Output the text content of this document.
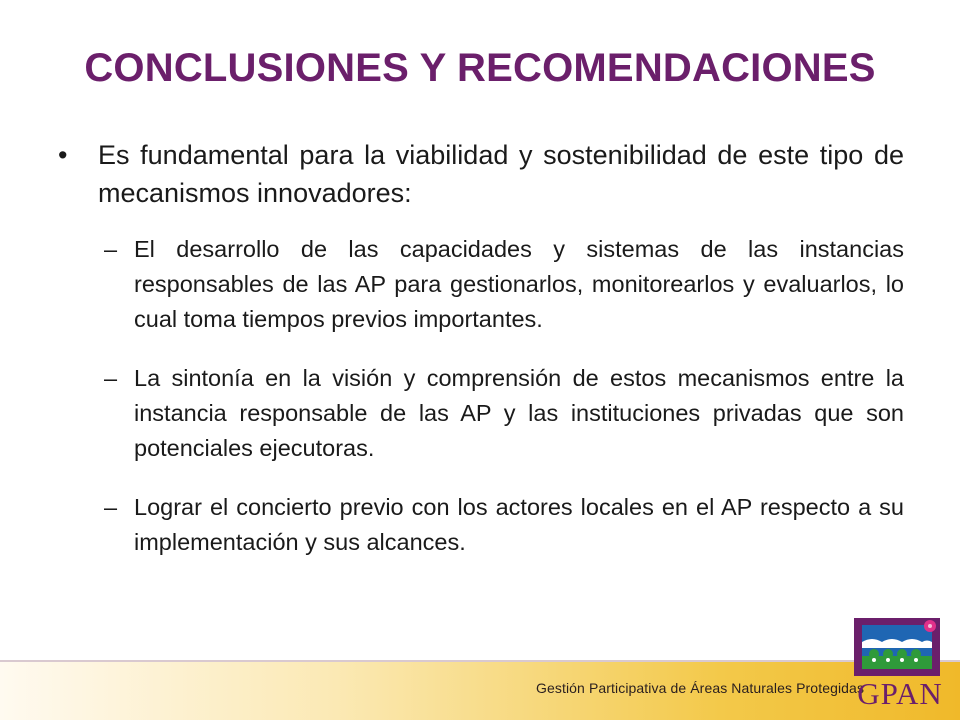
CONCLUSIONES Y RECOMENDACIONES
• Es fundamental para la viabilidad y sostenibilidad de este tipo de mecanismos innovadores:
– El desarrollo de las capacidades y sistemas de las instancias responsables de las AP para gestionarlos, monitorearlos y evaluarlos, lo cual toma tiempos previos importantes.
– La sintonía en la visión y comprensión de estos mecanismos entre la instancia responsable de las AP y las instituciones privadas que son potenciales ejecutoras.
– Lograr el concierto previo con los actores locales en el AP respecto a su implementación y sus alcances.
Gestión Participativa de Áreas Naturales Protegidas
GPAN
